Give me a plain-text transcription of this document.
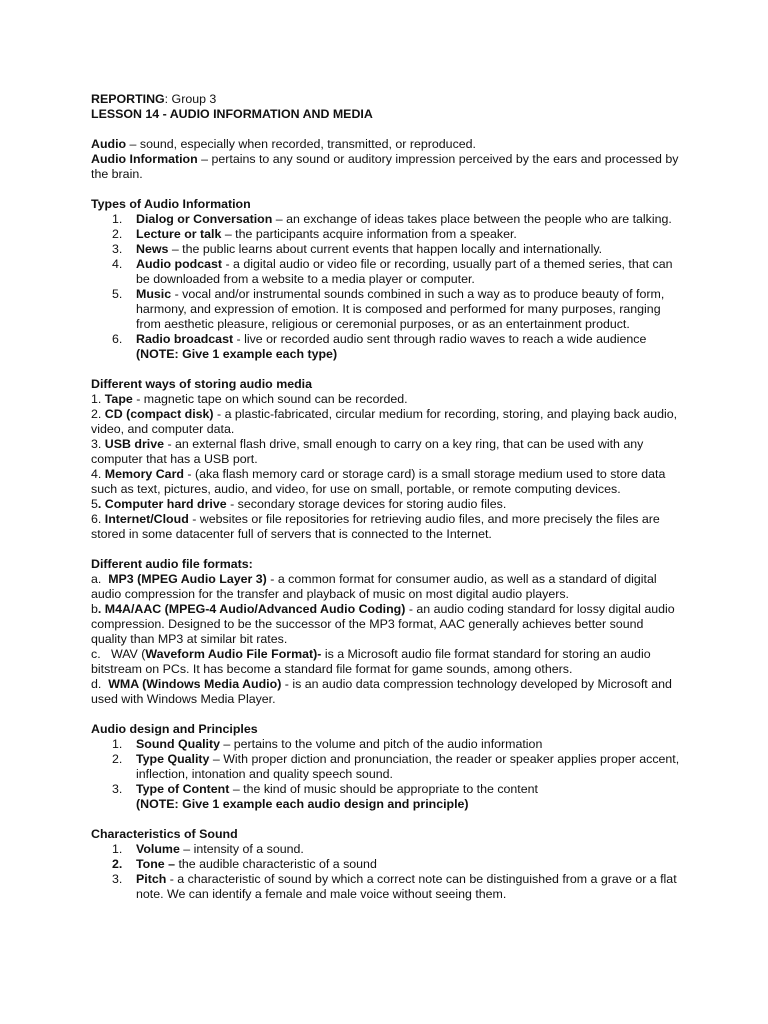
REPORTING: Group 3

LESSON 14 - AUDIO INFORMATION AND MEDIA

Audio – sound, especially when recorded, transmitted, or reproduced.

Audio Information – pertains to any sound or auditory impression perceived by the ears and processed by the brain.

Types of Audio Information

1. Dialog or Conversation – an exchange of ideas takes place between the people who are talking.
2. Lecture or talk – the participants acquire information from a speaker.
3. News – the public learns about current events that happen locally and internationally.
4. Audio podcast - a digital audio or video file or recording, usually part of a themed series, that can be downloaded from a website to a media player or computer.
5. Music - vocal and/or instrumental sounds combined in such a way as to produce beauty of form, harmony, and expression of emotion. It is composed and performed for many purposes, ranging from aesthetic pleasure, religious or ceremonial purposes, or as an entertainment product.
6. Radio broadcast - live or recorded audio sent through radio waves to reach a wide audience
(NOTE: Give 1 example each type)

Different ways of storing audio media

1. Tape - magnetic tape on which sound can be recorded.

2. CD (compact disk) - a plastic-fabricated, circular medium for recording, storing, and playing back audio, video, and computer data.

3. USB drive - an external flash drive, small enough to carry on a key ring, that can be used with any computer that has a USB port.

4. Memory Card - (aka flash memory card or storage card) is a small storage medium used to store data such as text, pictures, audio, and video, for use on small, portable, or remote computing devices.

5. Computer hard drive - secondary storage devices for storing audio files.

6. Internet/Cloud - websites or file repositories for retrieving audio files, and more precisely the files are stored in some datacenter full of servers that is connected to the Internet.

Different audio file formats:

a.  MP3 (MPEG Audio Layer 3) - a common format for consumer audio, as well as a standard of digital audio compression for the transfer and playback of music on most digital audio players.

b. M4A/AAC (MPEG-4 Audio/Advanced Audio Coding) - an audio coding standard for lossy digital audio compression. Designed to be the successor of the MP3 format, AAC generally achieves better sound quality than MP3 at similar bit rates.

c.   WAV (Waveform Audio File Format)- is a Microsoft audio file format standard for storing an audio bitstream on PCs. It has become a standard file format for game sounds, among others.

d.  WMA (Windows Media Audio) - is an audio data compression technology developed by Microsoft and used with Windows Media Player.

Audio design and Principles

1. Sound Quality – pertains to the volume and pitch of the audio information
2. Type Quality – With proper diction and pronunciation, the reader or speaker applies proper accent, inflection, intonation and quality speech sound.
3. Type of Content – the kind of music should be appropriate to the content
(NOTE: Give 1 example each audio design and principle)

Characteristics of Sound

1. Volume – intensity of a sound.
2. Tone – the audible characteristic of a sound
3. Pitch - a characteristic of sound by which a correct note can be distinguished from a grave or a flat note. We can identify a female and male voice without seeing them.
